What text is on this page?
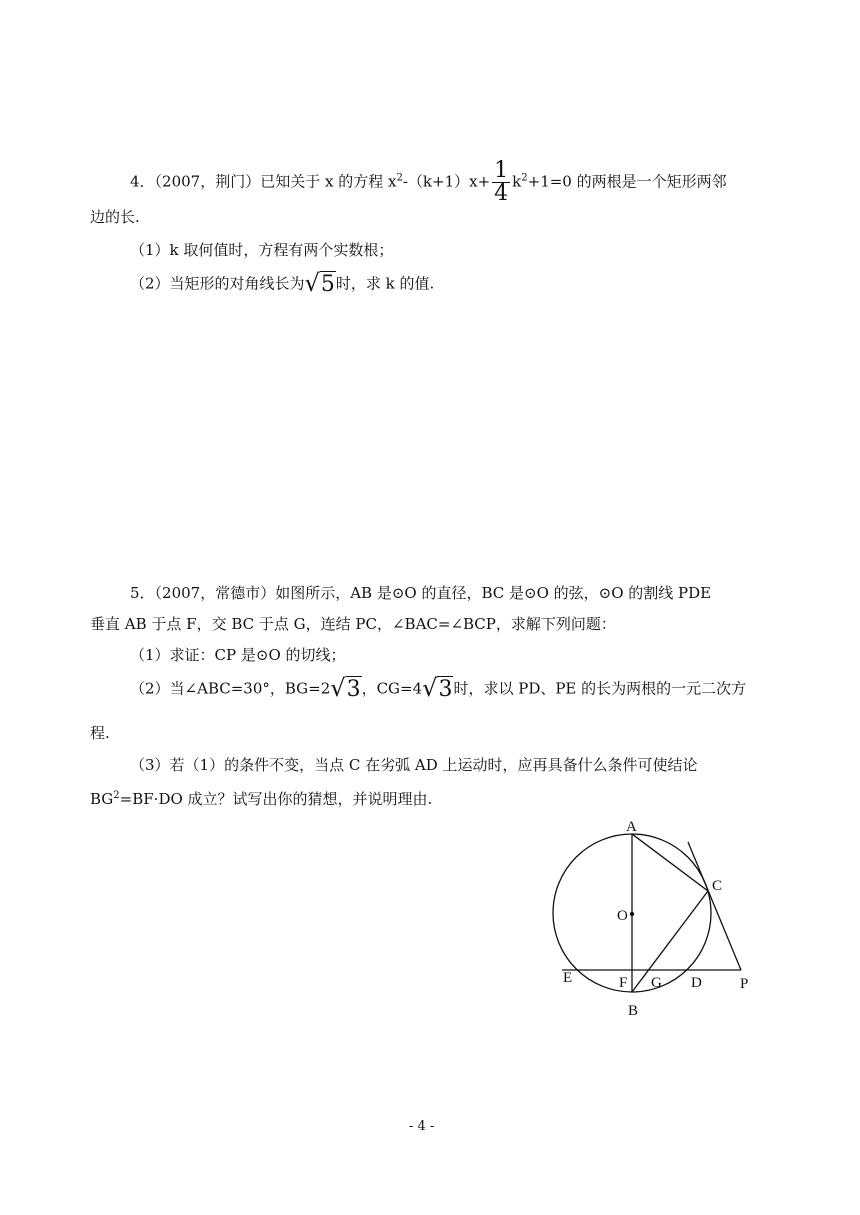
4．（2007，荆门）已知关于 x 的方程 $x^2-(k+1)x+ \frac{1}{4} k^2+1=0$ 的两根是一个矩形两邻
边的长.
（1）k 取何值时，方程有两个实数根；
（2）当矩形的对角线长为√5时，求 k 的值.
5．（2007，常德市）如图所示，AB 是⊙O 的直径，BC 是⊙O 的弦，⊙O 的割线 PDE
垂直 AB 于点 F，交 BC 于点 G，连结 PC，∠BAC=∠BCP，求解下列问题：
（1）求证：CP 是⊙O 的切线；
（2）当∠ABC=30°，BG=2√3，CG=4√3时，求以 PD、PE 的长为两根的一元二次方
程.
（3）若（1）的条件不变，当点 C 在劣弧 AD 上运动时，应再具备什么条件可使结论
$BG^2=BF\cdot DO$ 成立？试写出你的猜想，并说明理由.
A
O
C
E	F G D	P
B
- 4 -
